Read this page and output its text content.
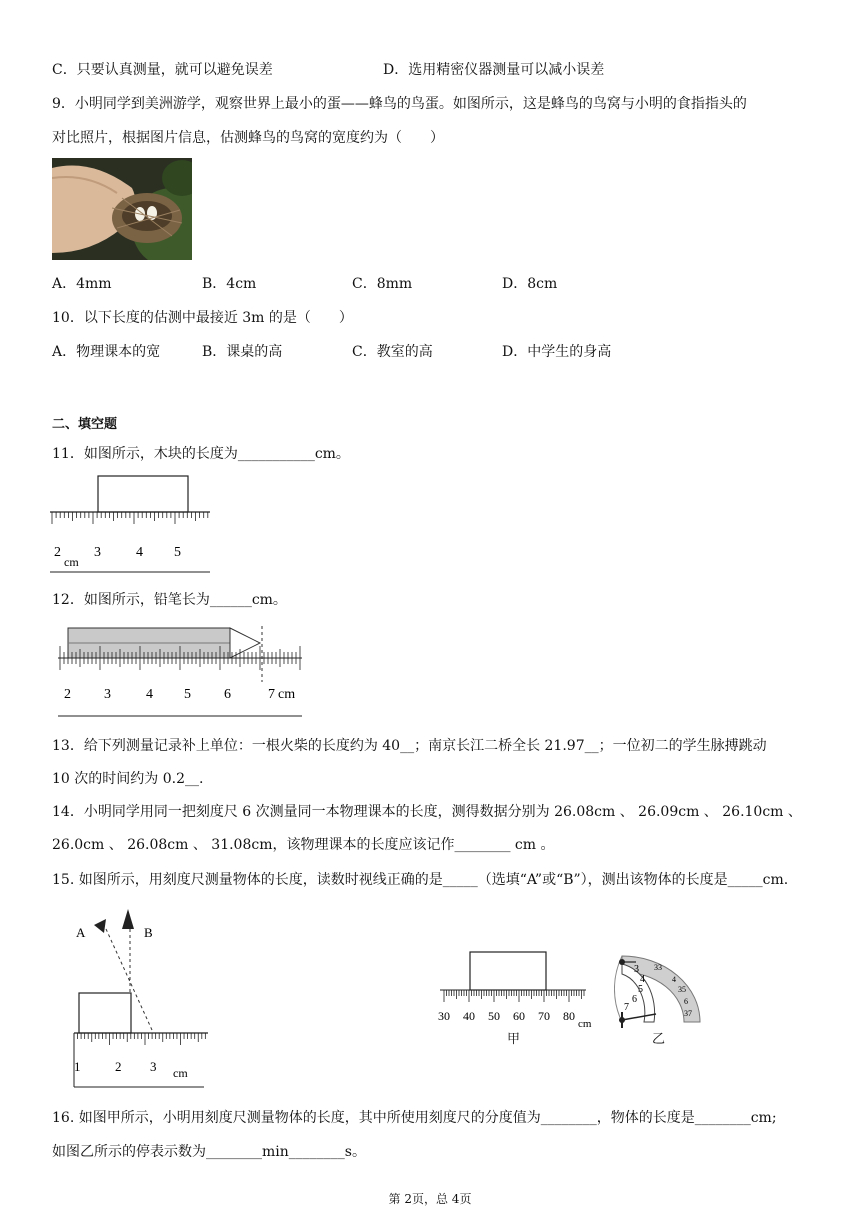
C．只要认真测量，就可以避免误差	D．选用精密仪器测量可以减小误差
9．小明同学到美洲游学，观察世界上最小的蛋——蜂鸟的鸟蛋。如图所示，这是蜂鸟的鸟窝与小明的食指指头的
对比照片，根据图片信息，估测蜂鸟的鸟窝的宽度约为（　　）
A．4mm	B．4cm	C．8mm	D．8cm
10．以下长度的估测中最接近 3m 的是（　　）
A．物理课本的宽	B．课桌的高	C．教室的高	D．中学生的身高
二、填空题
11．如图所示，木块的长度为___________cm。
2 3	4 5
cm
12．如图所示，铅笔长为______cm。
2 3	4 5 6	7 cm
13．给下列测量记录补上单位：一根火柴的长度约为 40__；南京长江二桥全长 21.97__；一位初二的学生脉搏跳动
10 次的时间约为 0.2__.
14．小明同学用同一把刻度尺 6 次测量同一本物理课本的长度，测得数据分别为 26.08cm 、 26.09cm 、 26.10cm 、
26.0cm 、 26.08cm 、 31.08cm，该物理课本的长度应该记作________ cm 。
15. 如图所示，用刻度尺测量物体的长度，读数时视线正确的是_____（选填“A”或“B”），测出该物体的长度是_____cm.
A	B
1	2 3 cm
30 40 50 60 70 80
cm
甲
3
4
5
6
7
33
4
35
6
37
乙
16. 如图甲所示，小明用刻度尺测量物体的长度，其中所使用刻度尺的分度值为________，物体的长度是________cm;
如图乙所示的停表示数为________min________s。
第 2页，总 4页
